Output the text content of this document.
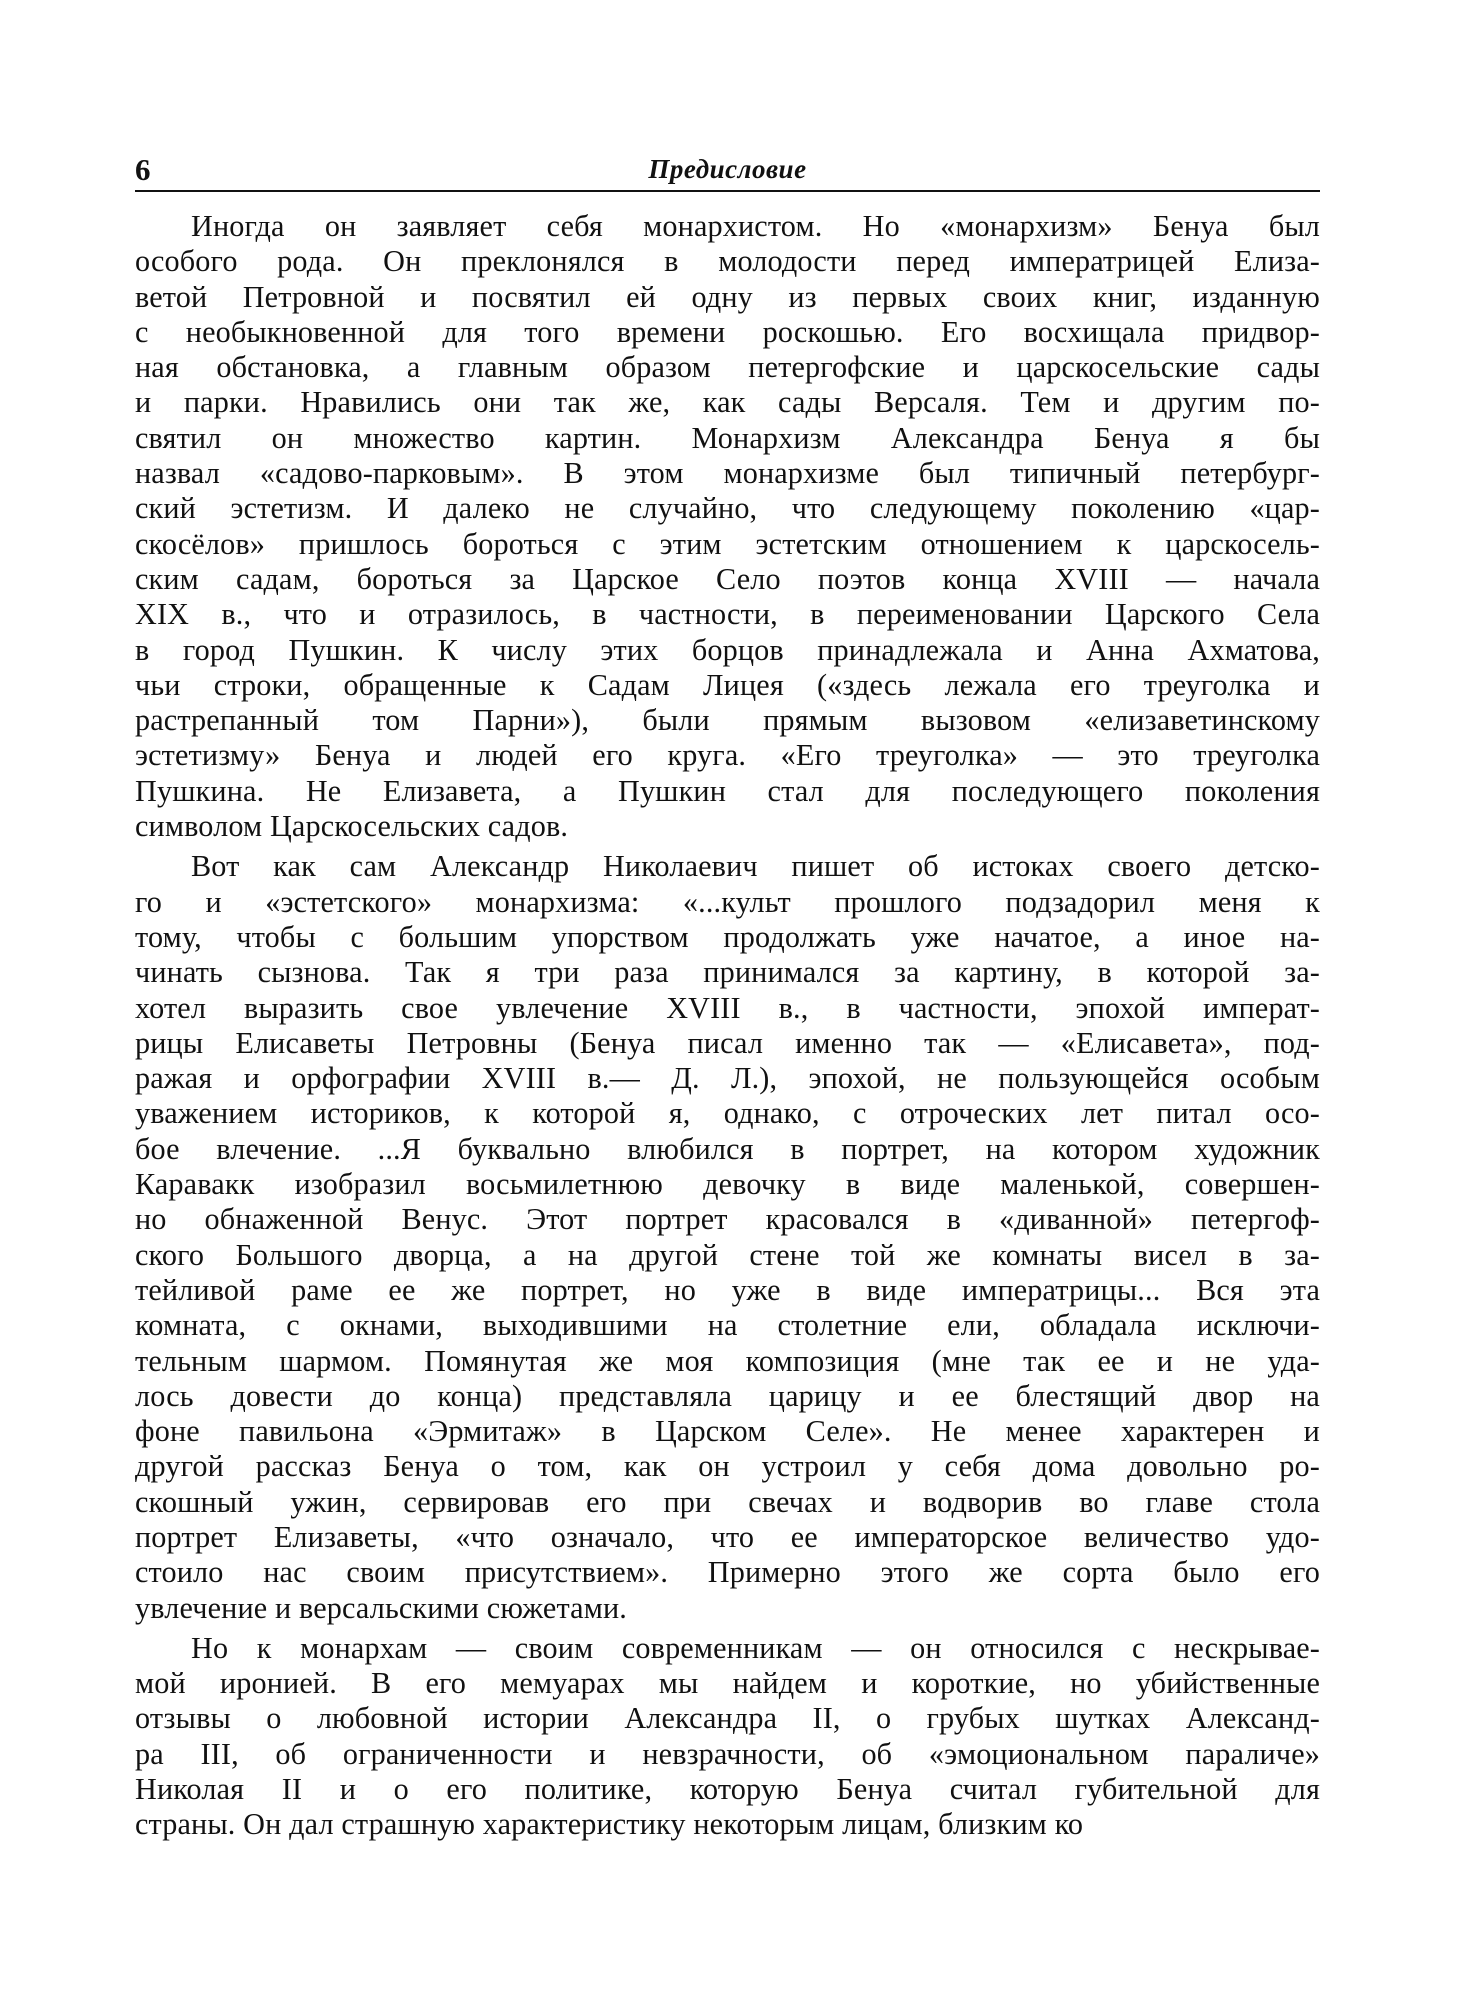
6	Предисловие

Иногда он заявляет себя монархистом. Но «монархизм» Бенуа был
особого рода. Он преклонялся в молодости перед императрицей Елиза-
ветой Петровной и посвятил ей одну из первых своих книг, изданную
с необыкновенной для того времени роскошью. Его восхищала придвор-
ная обстановка, а главным образом петергофские и царскосельские сады
и парки. Нравились они так же, как сады Версаля. Тем и другим по-
святил он множество картин. Монархизм Александра Бенуа я бы
назвал «садово-парковым». В этом монархизме был типичный петербург-
ский эстетизм. И далеко не случайно, что следующему поколению «цар-
скосёлов» пришлось бороться с этим эстетским отношением к царскосель-
ским садам, бороться за Царское Село поэтов конца XVIII — начала
XIX в., что и отразилось, в частности, в переименовании Царского Села
в город Пушкин. К числу этих борцов принадлежала и Анна Ахматова,
чьи строки, обращенные к Садам Лицея («здесь лежала его треуголка и
растрепанный том Парни»), были прямым вызовом «елизаветинскому
эстетизму» Бенуа и людей его круга. «Его треуголка» — это треуголка
Пушкина. Не Елизавета, а Пушкин стал для последующего поколения
символом Царскосельских садов.

Вот как сам Александр Николаевич пишет об истоках своего детско-
го и «эстетского» монархизма: «...культ прошлого подзадорил меня к
тому, чтобы с большим упорством продолжать уже начатое, а иное на-
чинать сызнова. Так я три раза принимался за картину, в которой за-
хотел выразить свое увлечение XVIII в., в частности, эпохой императ-
рицы Елисаветы Петровны (Бенуа писал именно так — «Елисавета», под-
ражая и орфографии XVIII в.— Д. Л.), эпохой, не пользующейся особым
уважением историков, к которой я, однако, с отроческих лет питал осо-
бое влечение. ...Я буквально влюбился в портрет, на котором художник
Каравакк изобразил восьмилетнюю девочку в виде маленькой, совершен-
но обнаженной Венус. Этот портрет красовался в «диванной» петергоф-
ского Большого дворца, а на другой стене той же комнаты висел в за-
тейливой раме ее же портрет, но уже в виде императрицы... Вся эта
комната, с окнами, выходившими на столетние ели, обладала исключи-
тельным шармом. Помянутая же моя композиция (мне так ее и не уда-
лось довести до конца) представляла царицу и ее блестящий двор на
фоне павильона «Эрмитаж» в Царском Селе». Не менее характерен и
другой рассказ Бенуа о том, как он устроил у себя дома довольно ро-
скошный ужин, сервировав его при свечах и водворив во главе стола
портрет Елизаветы, «что означало, что ее императорское величество удо-
стоило нас своим присутствием». Примерно этого же сорта было его
увлечение и версальскими сюжетами.

Но к монархам — своим современникам — он относился с нескрывае-
мой иронией. В его мемуарах мы найдем и короткие, но убийственные
отзывы о любовной истории Александра II, о грубых шутках Александ-
ра III, об ограниченности и невзрачности, об «эмоциональном параличе»
Николая II и о его политике, которую Бенуа считал губительной для
страны. Он дал страшную характеристику некоторым лицам, близким ко
